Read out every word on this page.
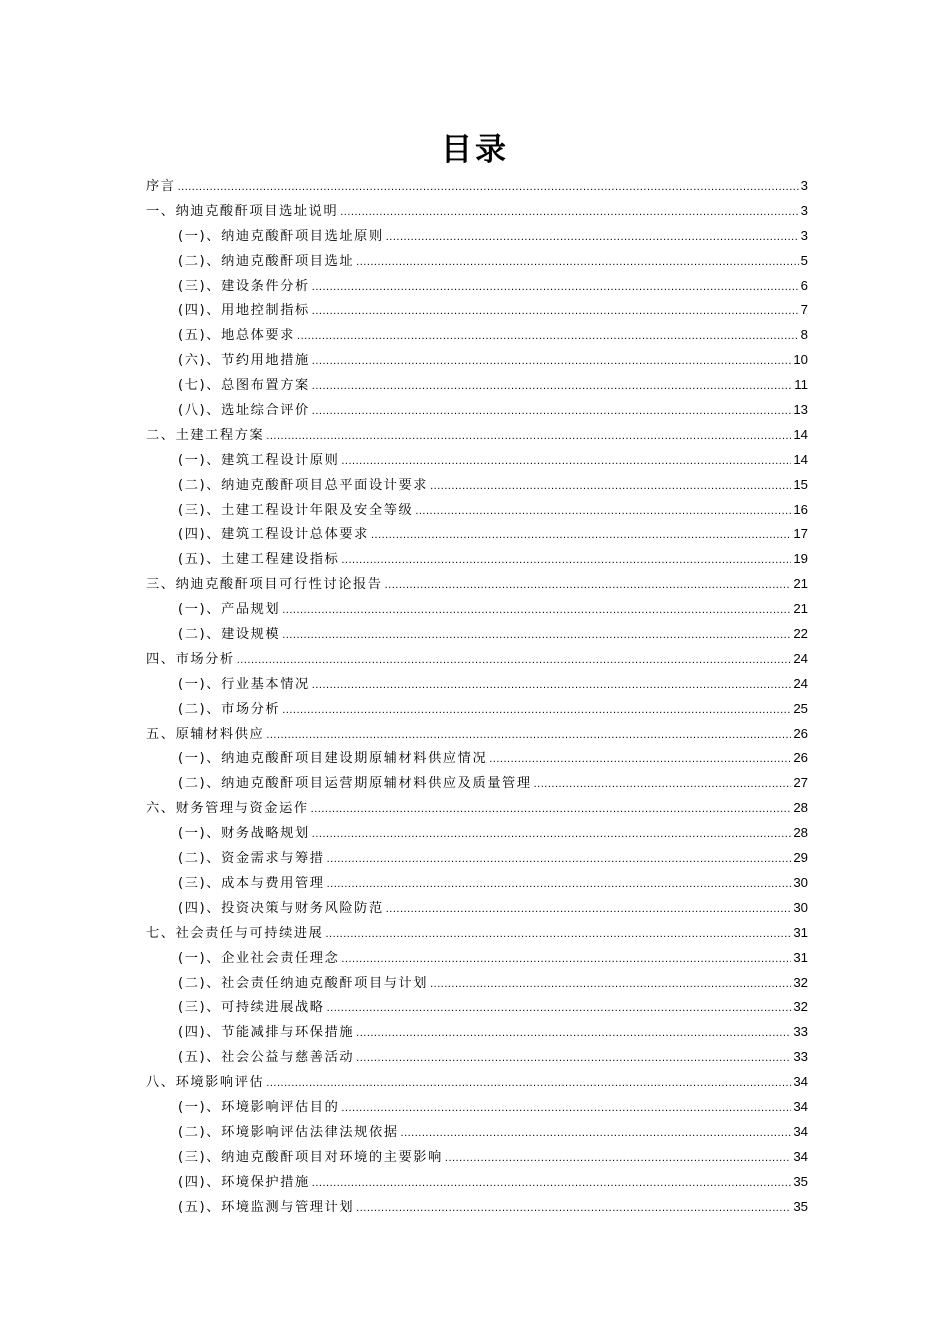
目录
序言 .....	3
一、纳迪克酸酐项目选址说明 .....	3
(一)、纳迪克酸酐项目选址原则 .....	3
(二)、纳迪克酸酐项目选址 .....	5
(三)、建设条件分析 .....	6
(四)、用地控制指标 .....	7
(五)、地总体要求 .....	8
(六)、节约用地措施 .....	10
(七)、总图布置方案 .....	11
(八)、选址综合评价 .....	13
二、土建工程方案 .....	14
(一)、建筑工程设计原则 .....	14
(二)、纳迪克酸酐项目总平面设计要求 .....	15
(三)、土建工程设计年限及安全等级 .....	16
(四)、建筑工程设计总体要求 .....	17
(五)、土建工程建设指标 .....	19
三、纳迪克酸酐项目可行性讨论报告 .....	21
(一)、产品规划 .....	21
(二)、建设规模 .....	22
四、市场分析 .....	24
(一)、行业基本情况 .....	24
(二)、市场分析 .....	25
五、原辅材料供应 .....	26
(一)、纳迪克酸酐项目建设期原辅材料供应情况 .....	26
(二)、纳迪克酸酐项目运营期原辅材料供应及质量管理 .....	27
六、财务管理与资金运作 .....	28
(一)、财务战略规划 .....	28
(二)、资金需求与筹措 .....	29
(三)、成本与费用管理 .....	30
(四)、投资决策与财务风险防范 .....	30
七、社会责任与可持续进展 .....	31
(一)、企业社会责任理念 .....	31
(二)、社会责任纳迪克酸酐项目与计划 .....	32
(三)、可持续进展战略 .....	32
(四)、节能减排与环保措施 .....	33
(五)、社会公益与慈善活动 .....	33
八、环境影响评估 .....	34
(一)、环境影响评估目的 .....	34
(二)、环境影响评估法律法规依据 .....	34
(三)、纳迪克酸酐项目对环境的主要影响 .....	34
(四)、环境保护措施 .....	35
(五)、环境监测与管理计划 .....	35
